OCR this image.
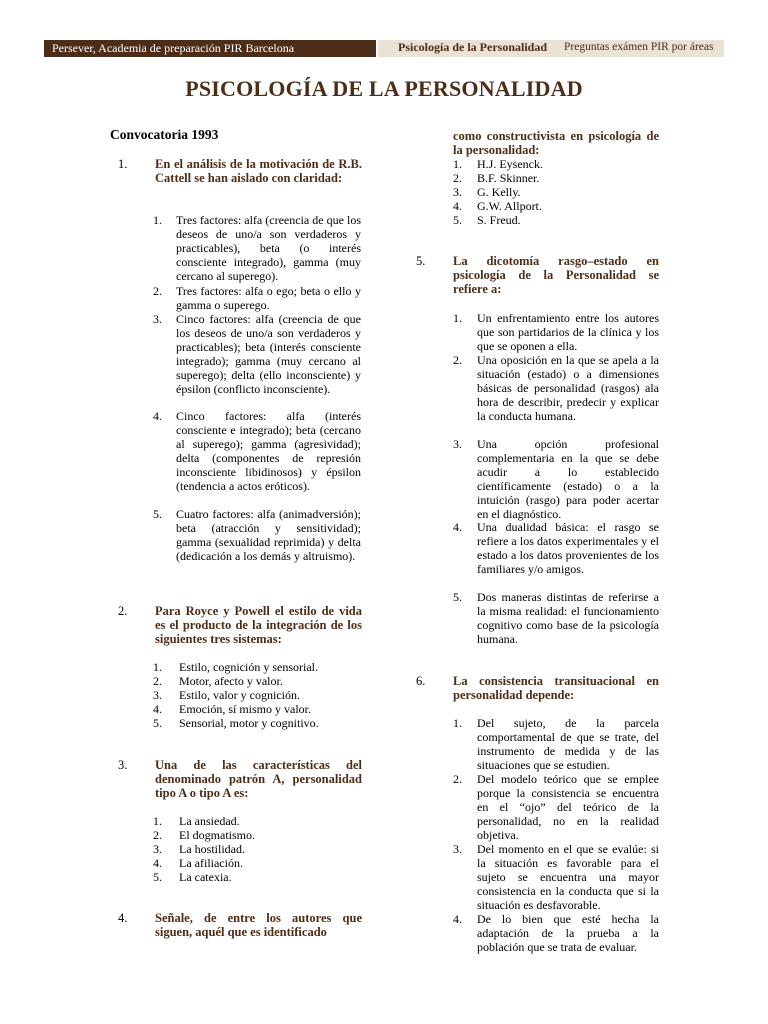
Persever, Academia de preparación PIR Barcelona	Psicología de la Personalidad Preguntas exámen PIR por áreas
PSICOLOGÍA DE LA PERSONALIDAD
Convocatoria 1993
1. En el análisis de la motivación de R.B. Cattell se han aislado con claridad:
1. Tres factores: alfa (creencia de que los deseos de uno/a son verdaderos y practicables), beta (o interés consciente integrado), gamma (muy cercano al superego).
2. Tres factores: alfa o ego; beta o ello y gamma o superego.
3. Cinco factores: alfa (creencia de que los deseos de uno/a son verdaderos y practicables); beta (interés consciente integrado); gamma (muy cercano al superego); delta (ello inconsciente) y épsilon (conflicto inconsciente).
4. Cinco factores: alfa (interés consciente e integrado); beta (cercano al superego); gamma (agresividad); delta (componentes de represión inconsciente libidinosos) y épsilon (tendencia a actos eróticos).
5. Cuatro factores: alfa (animadversión); beta (atracción y sensitividad); gamma (sexualidad reprimida) y delta (dedicación a los demás y altruismo).
2. Para Royce y Powell el estilo de vida es el producto de la integración de los siguientes tres sistemas:
1. Estilo, cognición y sensorial.
2. Motor, afecto y valor.
3. Estilo, valor y cognición.
4. Emoción, sí mismo y valor.
5. Sensorial, motor y cognitivo.
3. Una de las características del denominado patrón A, personalidad tipo A o tipo A es:
1. La ansiedad.
2. El dogmatismo.
3. La hostilidad.
4. La afiliación.
5. La catexia.
4. Señale, de entre los autores que siguen, aquél que es identificado
como constructivista en psicología de la personalidad:
1. H.J. Eysenck.
2. B.F. Skinner.
3. G. Kelly.
4. G.W. Allport.
5. S. Freud.
5. La dicotomía rasgo–estado en psicología de la Personalidad se refiere a:
1. Un enfrentamiento entre los autores que son partidarios de la clínica y los que se oponen a ella.
2. Una oposición en la que se apela a la situación (estado) o a dimensiones básicas de personalidad (rasgos) ala hora de describir, predecir y explicar la conducta humana.
3. Una opción profesional complementaria en la que se debe acudir a lo establecido científicamente (estado) o a la intuición (rasgo) para poder acertar en el diagnóstico.
4. Una dualidad básica: el rasgo se refiere a los datos experimentales y el estado a los datos provenientes de los familiares y/o amigos.
5. Dos maneras distintas de referirse a la misma realidad: el funcionamiento cognitivo como base de la psicología humana.
6. La consistencia transituacional en personalidad depende:
1. Del sujeto, de la parcela comportamental de que se trate, del instrumento de medida y de las situaciones que se estudien.
2. Del modelo teórico que se emplee porque la consistencia se encuentra en el “ojo” del teórico de la personalidad, no en la realidad objetiva.
3. Del momento en el que se evalúe: si la situación es favorable para el sujeto se encuentra una mayor consistencia en la conducta que si la situación es desfavorable.
4. De lo bien que esté hecha la adaptación de la prueba a la población que se trata de evaluar.
